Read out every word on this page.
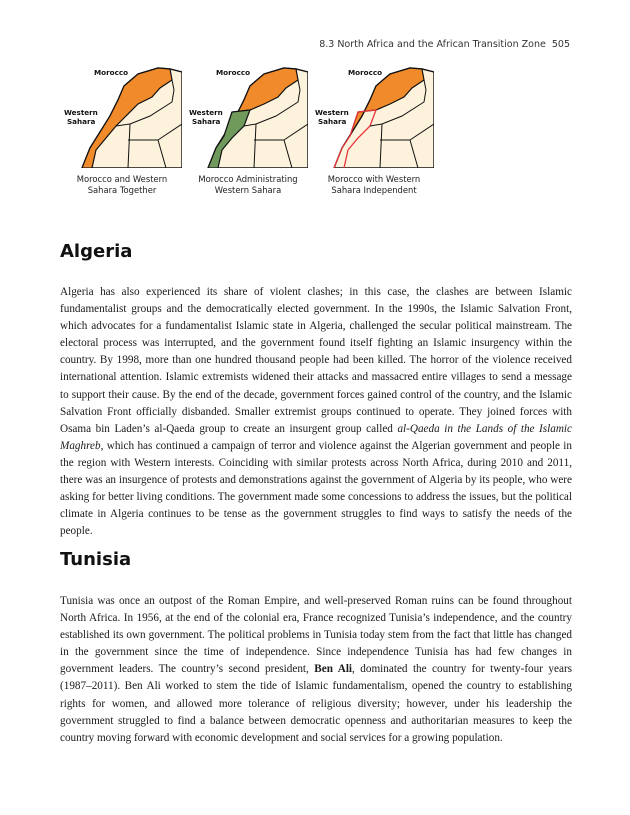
8.3 North Africa and the African Transition Zone 505
Morocco
Western
Sahara
Morocco and Western
Sahara Together
Morocco
Western
Sahara
Morocco Administrating
Western Sahara
Morocco
Western
Sahara
Morocco with Western
Sahara Independent
Algeria

Algeria has also experienced its share of violent clashes; in this case, the clashes are between Islamic fundamentalist groups and the democratically elected government. In the 1990s, the Islamic Salvation Front, which advocates for a fundamentalist Islamic state in Algeria, challenged the secular political mainstream. The electoral process was interrupted, and the government found itself fighting an Islamic insurgency within the country. By 1998, more than one hundred thousand people had been killed. The horror of the violence received international attention. Islamic extremists widened their attacks and massacred entire villages to send a message to support their cause. By the end of the decade, government forces gained control of the country, and the Islamic Salvation Front officially disbanded. Smaller extremist groups continued to operate. They joined forces with Osama bin Laden’s al-Qaeda group to create an insurgent group called al-Qaeda in the Lands of the Islamic Maghreb, which has continued a campaign of terror and violence against the Algerian government and people in the region with Western interests. Coinciding with similar protests across North Africa, during 2010 and 2011, there was an insurgence of protests and demonstrations against the government of Algeria by its people, who were asking for better living conditions. The government made some concessions to address the issues, but the political climate in Algeria continues to be tense as the government struggles to find ways to satisfy the needs of the people.

Tunisia

Tunisia was once an outpost of the Roman Empire, and well-preserved Roman ruins can be found throughout North Africa. In 1956, at the end of the colonial era, France recognized Tunisia’s independence, and the country established its own government. The political problems in Tunisia today stem from the fact that little has changed in the government since the time of independence. Since independence Tunisia has had few changes in government leaders. The country’s second president, Ben Ali, dominated the country for twenty-four years (1987–2011). Ben Ali worked to stem the tide of Islamic fundamentalism, opened the country to establishing rights for women, and allowed more tolerance of religious diversity; however, under his leadership the government struggled to find a balance between democratic openness and authoritarian measures to keep the country moving forward with economic development and social services for a growing population.
